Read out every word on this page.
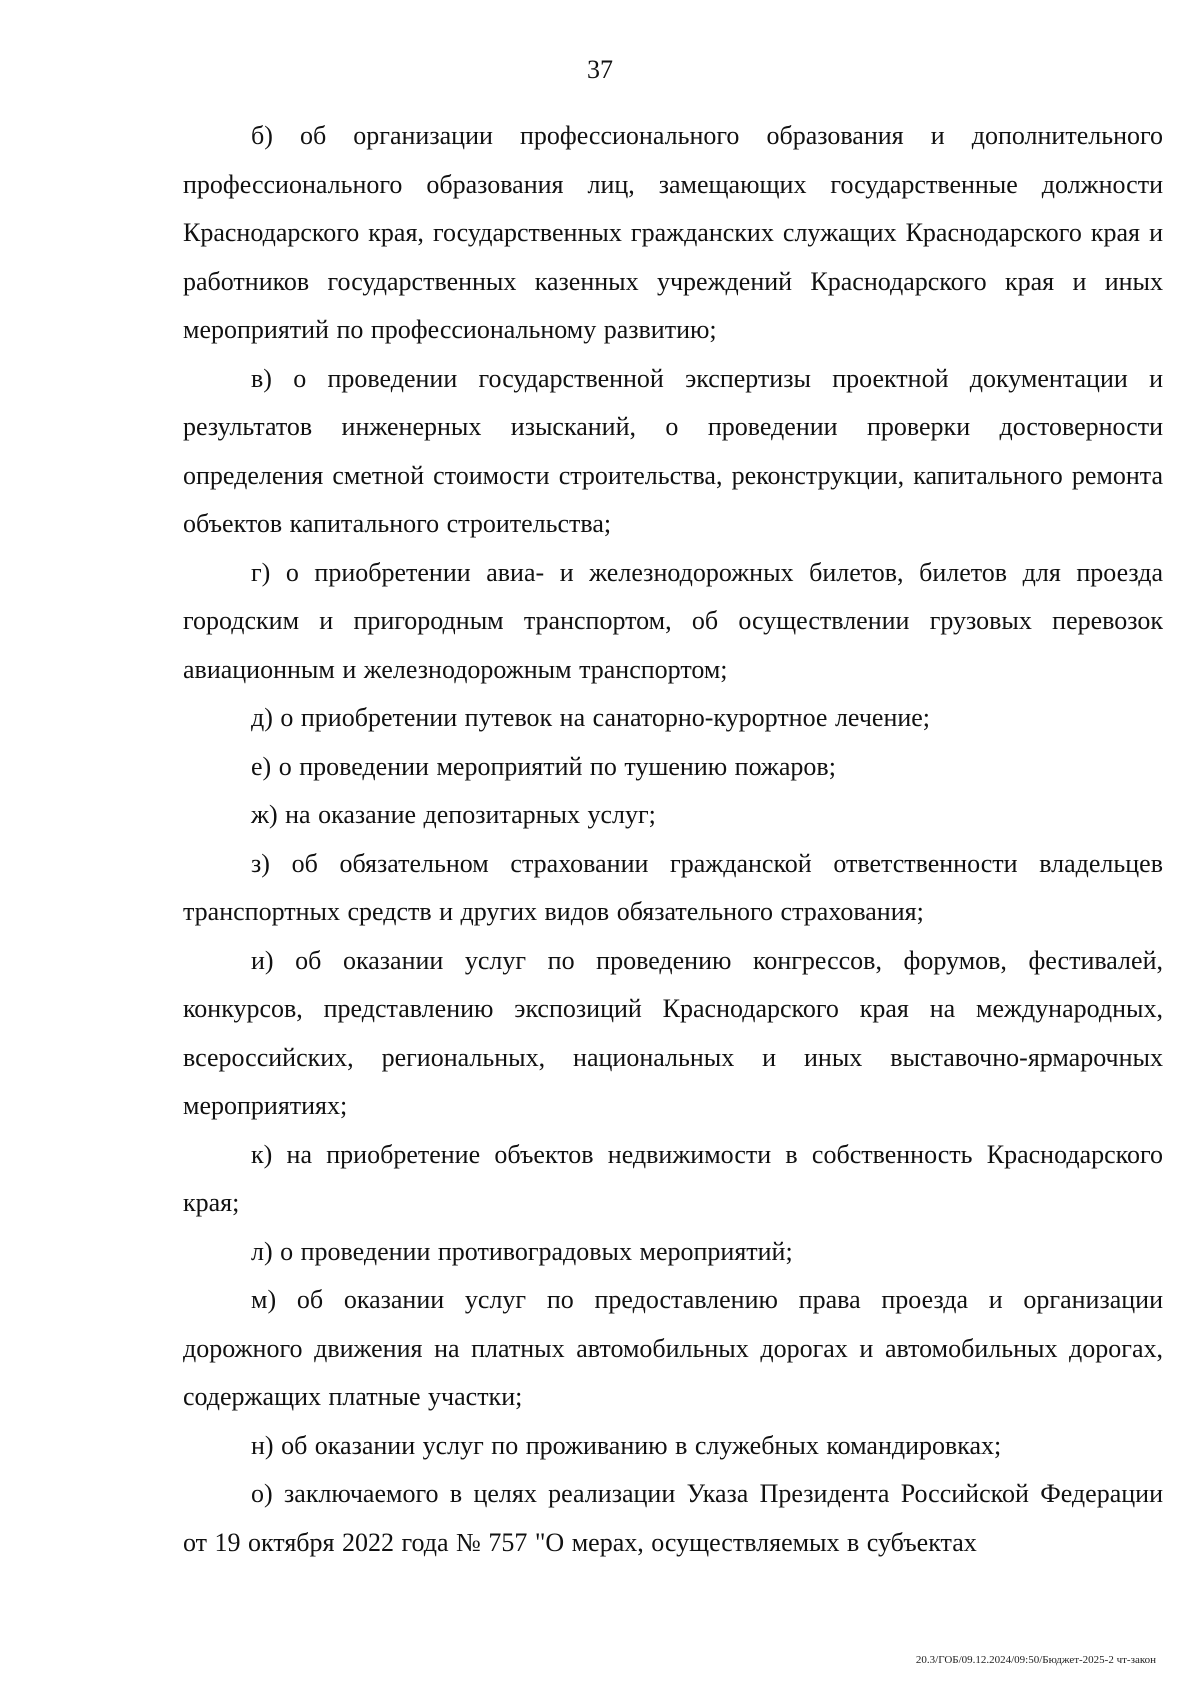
37

б) об организации профессионального образования и дополнительного профессионального образования лиц, замещающих государственные должности Краснодарского края, государственных гражданских служащих Краснодарского края и работников государственных казенных учреждений Краснодарского края и иных мероприятий по профессиональному развитию;

в) о проведении государственной экспертизы проектной документации и результатов инженерных изысканий, о проведении проверки достоверности определения сметной стоимости строительства, реконструкции, капитального ремонта объектов капитального строительства;

г) о приобретении авиа- и железнодорожных билетов, билетов для проезда городским и пригородным транспортом, об осуществлении грузовых перевозок авиационным и железнодорожным транспортом;

д) о приобретении путевок на санаторно-курортное лечение;

е) о проведении мероприятий по тушению пожаров;

ж) на оказание депозитарных услуг;

з) об обязательном страховании гражданской ответственности владельцев транспортных средств и других видов обязательного страхования;

и) об оказании услуг по проведению конгрессов, форумов, фестивалей, конкурсов, представлению экспозиций Краснодарского края на международных, всероссийских, региональных, национальных и иных выставочно-ярмарочных мероприятиях;

к) на приобретение объектов недвижимости в собственность Краснодарского края;

л) о проведении противоградовых мероприятий;

м) об оказании услуг по предоставлению права проезда и организации дорожного движения на платных автомобильных дорогах и автомобильных дорогах, содержащих платные участки;

н) об оказании услуг по проживанию в служебных командировках;

о) заключаемого в целях реализации Указа Президента Российской Федерации от 19 октября 2022 года № 757 "О мерах, осуществляемых в субъектах

20.3/ГОБ/09.12.2024/09:50/Бюджет-2025-2 чт-закон
